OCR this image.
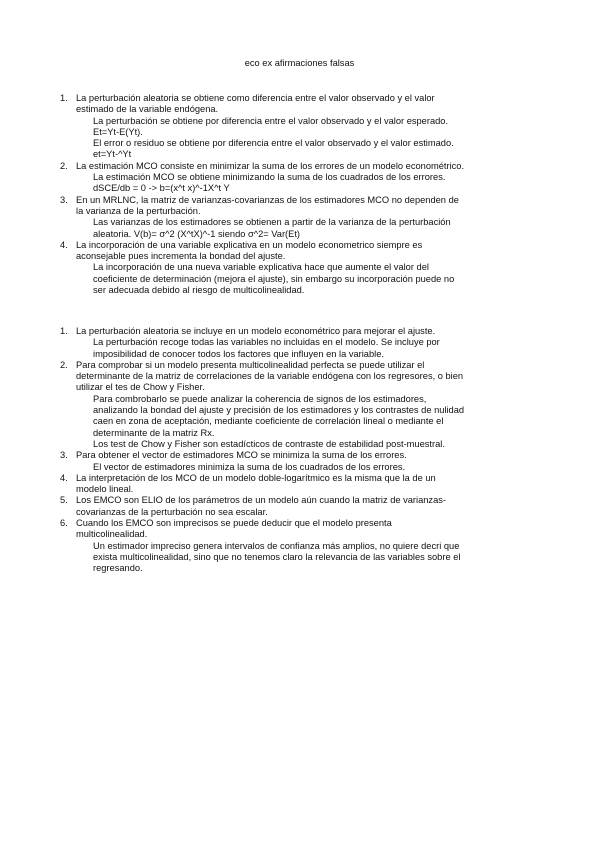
eco ex afirmaciones falsas
1. La perturbación aleatoria se obtiene como diferencia entre el valor observado y el valor
estimado de la variable endógena.
La perturbación se obtiene por diferencia entre el valor observado y el valor esperado.
Et=Yt-E(Yt).
El error o residuo se obtiene por diferencia entre el valor observado y el valor estimado.
et=Yt-^Yt
2. La estimación MCO consiste en minimizar la suma de los errores de un modelo econométrico.
La estimación MCO se obtiene minimizando la suma de los cuadrados de los errores.
dSCE/db = 0 -> b=(x^t x)^-1X^t Y
3. En un MRLNC, la matriz de varianzas-covarianzas de los estimadores MCO no dependen de
la varianza de la perturbación.
Las varianzas de los estimadores se obtienen a partir de la varianza de la perturbación
aleatoria. V(b)= σ^2 (X^tX)^-1 siendo σ^2= Var(Et)
4. La incorporación de una variable explicativa en un modelo econometrico siempre es
aconsejable pues incrementa la bondad del ajuste.
La incorporación de una nueva variable explicativa hace que aumente el valor del
coeficiente de determinación (mejora el ajuste), sin embargo su incorporación puede no
ser adecuada debido al riesgo de multicolinealidad.
1. La perturbación aleatoria se incluye en un modelo econométrico para mejorar el ajuste.
La perturbación recoge todas las variables no incluidas en el modelo. Se incluye por
imposibilidad de conocer todos los factores que influyen en la variable.
2. Para comprobar si un modelo presenta multicolinealidad perfecta se puede utilizar el
determinante de la matriz de correlaciones de la variable endógena con los regresores, o bien
utilizar el tes de Chow y Fisher.
Para combrobarlo se puede analizar la coherencia de signos de los estimadores,
analizando la bondad del ajuste y precisión de los estimadores y los contrastes de nulidad
caen en zona de aceptación, mediante coeficiente de correlación lineal o mediante el
determinante de la matriz Rx.
Los test de Chow y Fisher son estadícticos de contraste de estabilidad post-muestral.
3. Para obtener el vector de estimadores MCO se minimiza la suma de los errores.
El vector de estimadores minimiza la suma de los cuadrados de los errores.
4. La interpretación de los MCO de un modelo doble-logarítmico es la misma que la de un
modelo lineal.
5. Los EMCO son ELIO de los parámetros de un modelo aún cuando la matriz de varianzas-
covarianzas de la perturbación no sea escalar.
6. Cuando los EMCO son imprecisos se puede deducir que el modelo presenta
multicolinealidad.
Un estimador impreciso genera intervalos de confianza más amplios, no quiere decri que
exista multicolinealidad, sino que no tenemos claro la relevancia de las variables sobre el
regresando.
